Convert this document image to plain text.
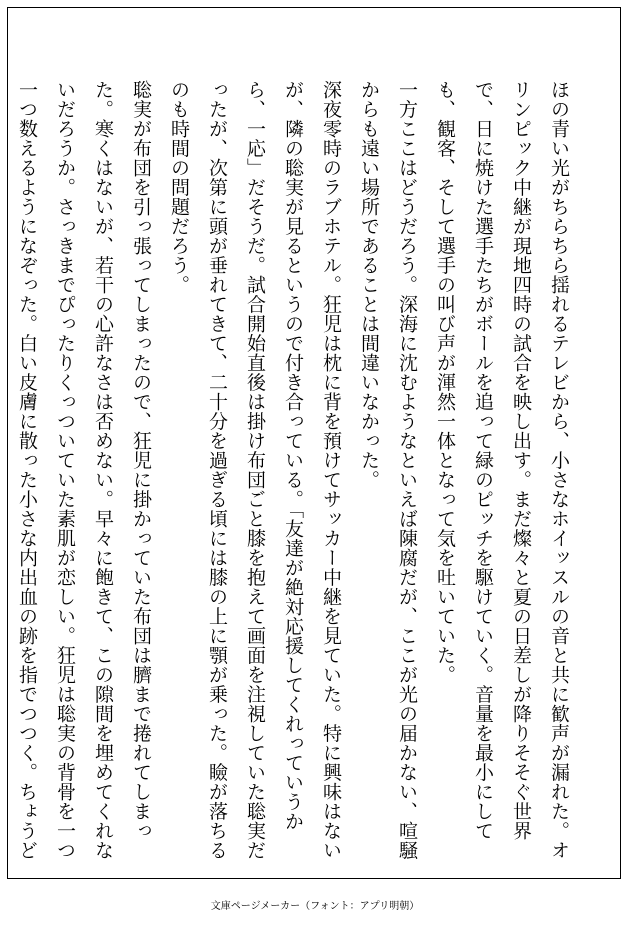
ほの青い光がちらちら揺れるテレビから、小さなホイッスルの音と共に歓声が漏れた。オリンピック中継が現地四時の試合を映し出す。まだ燦々と夏の日差しが降りそそぐ世界で、日に焼けた選手たちがボールを追って緑のピッチを駆けていく。音量を最小にしても、観客、そして選手の叫び声が渾然一体となって気を吐いていた。

一方ここはどうだろう。深海に沈むようなといえば陳腐だが、ここが光の届かない、喧騒からも遠い場所であることは間違いなかった。

深夜零時のラブホテル。狂児は枕に背を預けてサッカー中継を見ていた。特に興味はないが、隣の聡実が見るというので付き合っている。「友達が絶対応援してくれっていうから、一応」だそうだ。試合開始直後は掛け布団ごと膝を抱えて画面を注視していた聡実だったが、次第に頭が垂れてきて、二十分を過ぎる頃には膝の上に顎が乗った。瞼が落ちるのも時間の問題だろう。

聡実が布団を引っ張ってしまったので、狂児に掛かっていた布団は臍まで捲れてしまった。寒くはないが、若干の心許なさは否めない。早々に飽きて、この隙間を埋めてくれないだろうか。さっきまでぴったりくっついていた素肌が恋しい。狂児は聡実の背骨を一つ一つ数えるようになぞった。白い皮膚に散った小さな内出血の跡を指でつつく。ちょうど

文庫ページメーカー（フォント：アプリ明朝）
